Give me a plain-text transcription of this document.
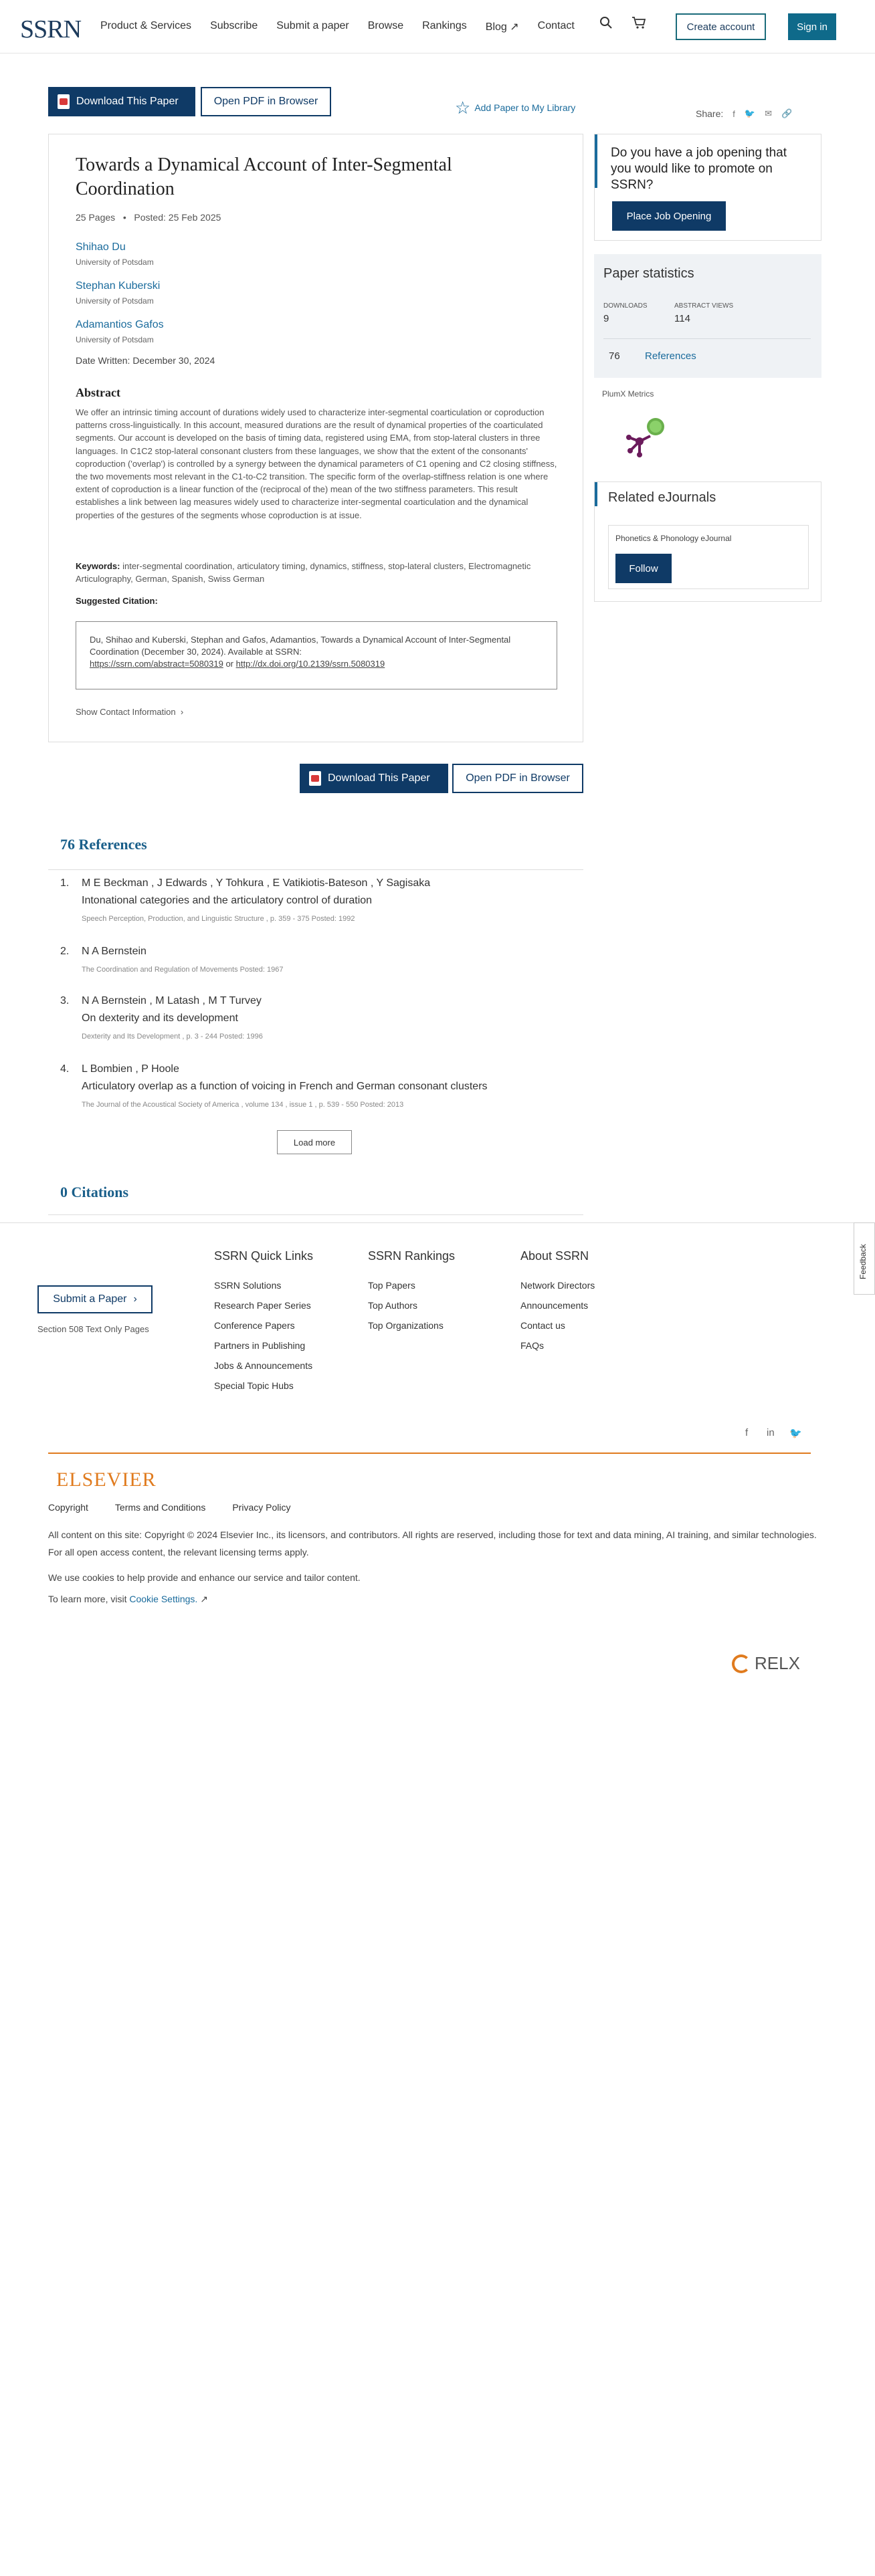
SSRN Product & Services Subscribe Submit a paper Browse Rankings Blog ↗ Contact	Create account	Sign in
Download This Paper	Open PDF in Browser	☆ Add Paper to My Library
Share: f 🐦 ✉ 🔗
Towards a Dynamical Account of Inter-Segmental Coordination
25 Pages   •   Posted: 25 Feb 2025
Shihao Du
University of Potsdam
Stephan Kuberski
University of Potsdam
Adamantios Gafos
University of Potsdam
Date Written: December 30, 2024
Abstract
We offer an intrinsic timing account of durations widely used to characterize inter-segmental coarticulation or coproduction patterns cross-linguistically. In this account, measured durations are the result of dynamical properties of the coarticulated segments. Our account is developed on the basis of timing data, registered using EMA, from stop-lateral clusters in three languages. In C1C2 stop-lateral consonant clusters from these languages, we show that the extent of the consonants' coproduction ('overlap') is controlled by a synergy between the dynamical parameters of C1 opening and C2 closing stiffness, the two movements most relevant in the C1-to-C2 transition. The specific form of the overlap-stiffness relation is one where extent of coproduction is a linear function of the (reciprocal of the) mean of the two stiffness parameters. This result establishes a link between lag measures widely used to characterize inter-segmental coarticulation and the dynamical properties of the gestures of the segments whose coproduction is at issue.
Keywords: inter-segmental coordination, articulatory timing, dynamics, stiffness, stop-lateral clusters, Electromagnetic Articulography, German, Spanish, Swiss German
Suggested Citation:
Du, Shihao and Kuberski, Stephan and Gafos, Adamantios, Towards a Dynamical Account of Inter-Segmental Coordination (December 30, 2024). Available at SSRN:
https://ssrn.com/abstract=5080319 or http://dx.doi.org/10.2139/ssrn.5080319
Show Contact Information  ›
Do you have a job opening that you would like to promote on SSRN?
Place Job Opening
Paper statistics
DOWNLOADS
9
ABSTRACT VIEWS
114
76 References
PlumX Metrics
Related eJournals
Phonetics & Phonology eJournal
Follow
Download This Paper	Open PDF in Browser
76 References
1. M E Beckman , J Edwards , Y Tohkura , E Vatikiotis-Bateson , Y Sagisaka
Intonational categories and the articulatory control of duration
Speech Perception, Production, and Linguistic Structure , p. 359 - 375 Posted: 1992
2. N A Bernstein
The Coordination and Regulation of Movements Posted: 1967
3. N A Bernstein , M Latash , M T Turvey
On dexterity and its development
Dexterity and Its Development , p. 3 - 244 Posted: 1996
4. L Bombien , P Hoole
Articulatory overlap as a function of voicing in French and German consonant clusters
The Journal of the Acoustical Society of America , volume 134 , issue 1 , p. 539 - 550 Posted: 2013
Load more
0 Citations
Submit a Paper ›
Section 508 Text Only Pages
SSRN Quick Links
SSRN Solutions
Research Paper Series
Conference Papers
Partners in Publishing
Jobs & Announcements
Special Topic Hubs
SSRN Rankings
Top Papers
Top Authors
Top Organizations
About SSRN
Network Directors
Announcements
Contact us
FAQs
f in 🐦
ELSEVIER
Copyright	Terms and Conditions	Privacy Policy
All content on this site: Copyright © 2024 Elsevier Inc., its licensors, and contributors. All rights are reserved, including those for text and data mining, AI training, and similar technologies. For all open access content, the relevant licensing terms apply.
We use cookies to help provide and enhance our service and tailor content.
To learn more, visit Cookie Settings. ↗
RELX
Feedback
